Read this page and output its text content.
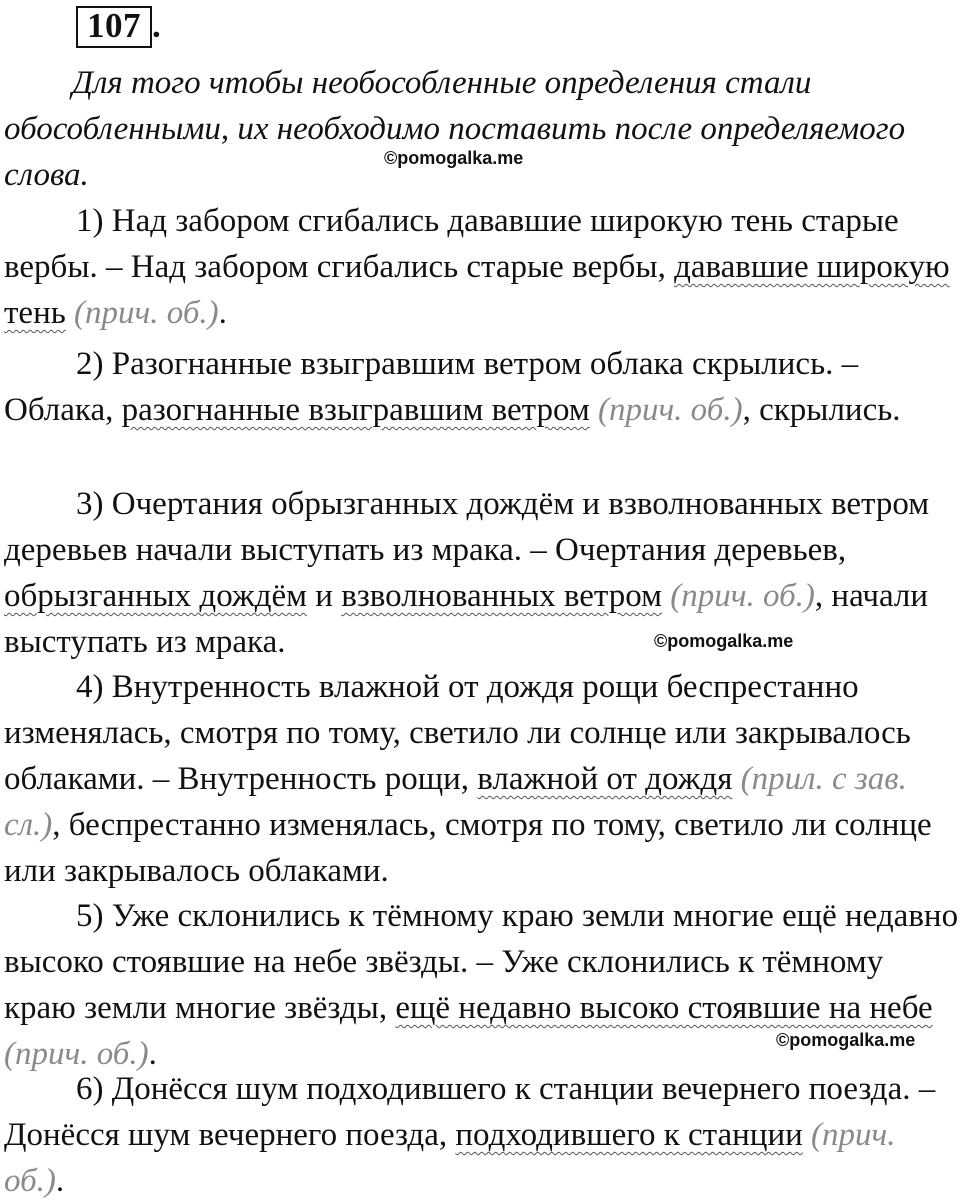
107 .

Для того чтобы необособленные определения стали обособленными, их необходимо поставить после определяемого слова.	©pomogalka.me

1) Над забором сгибались дававшие широкую тень старые вербы. – Над забором сгибались старые вербы, дававшие широкую тень (прич. об.).

2) Разогнанные взыгравшим ветром облака скрылись. – Облака, разогнанные взыгравшим ветром (прич. об.), скрылись.

3) Очертания обрызганных дождём и взволнованных ветром деревьев начали выступать из мрака. – Очертания деревьев, обрызганных дождём и взволнованных ветром (прич. об.), начали выступать из мрака.	©pomogalka.me

4) Внутренность влажной от дождя рощи беспрестанно изменялась, смотря по тому, светило ли солнце или закрывалось облаками. – Внутренность рощи, влажной от дождя (прил. с зав. сл.), беспрестанно изменялась, смотря по тому, светило ли солнце или закрывалось облаками.

5) Уже склонились к тёмному краю земли многие ещё недавно высоко стоявшие на небе звёзды. – Уже склонились к тёмному краю земли многие звёзды, ещё недавно высоко стоявшие на небе (прич. об.).	©pomogalka.me

6) Донёсся шум подходившего к станции вечернего поезда. – Донёсся шум вечернего поезда, подходившего к станции (прич. об.).
